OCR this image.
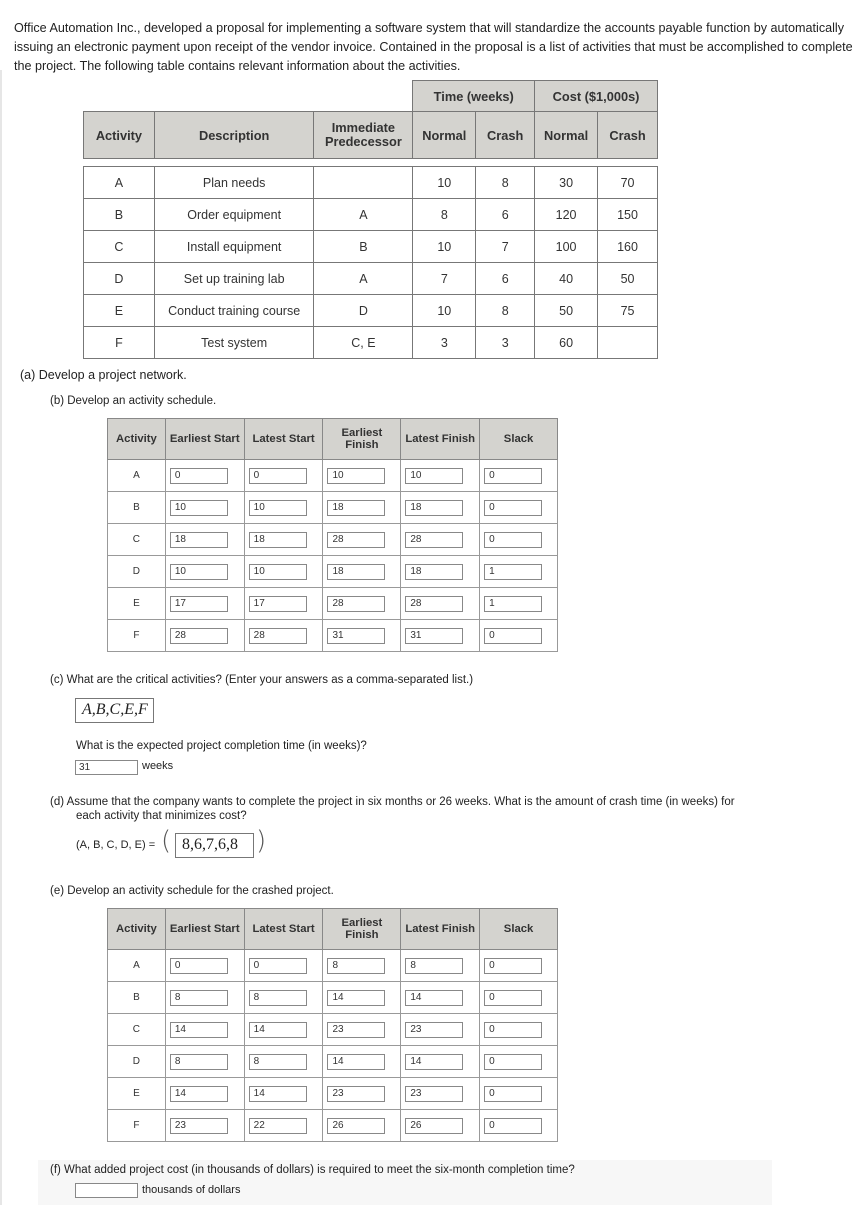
Office Automation Inc., developed a proposal for implementing a software system that will standardize the accounts payable function by automatically issuing an electronic payment upon receipt of the vendor invoice. Contained in the proposal is a list of activities that must be accomplished to complete the project. The following table contains relevant information about the activities.
			Time (weeks)		Cost ($1,000s)	
Activity	Description	Immediate Predecessor	Normal	Crash	Normal	Crash

A	Plan needs		10	8	30	70
B	Order equipment	A	8	6	120	150
C	Install equipment	B	10	7	100	160
D	Set up training lab	A	7	6	40	50
E	Conduct training course	D	10	8	50	75
F	Test system	C, E	3	3	60	
(a) Develop a project network.
(b) Develop an activity schedule.
Activity	Earliest Start	Latest Start	Earliest Finish	Latest Finish	Slack
A	0	0	10	10	0
B	10	10	18	18	0
C	18	18	28	28	0
D	10	10	18	18	1
E	17	17	28	28	1
F	28	28	31	31	0
(c) What are the critical activities? (Enter your answers as a comma-separated list.)
A,B,C,E,F
What is the expected project completion time (in weeks)?
31	weeks
(d) Assume that the company wants to complete the project in six months or 26 weeks. What is the amount of crash time (in weeks) for
each activity that minimizes cost?
(A, B, C, D, E) = ( 8,6,7,6,8 )
(e) Develop an activity schedule for the crashed project.
Activity	Earliest Start	Latest Start	Earliest Finish	Latest Finish	Slack
A	0	0	8	8	0
B	8	8	14	14	0
C	14	14	23	23	0
D	8	8	14	14	0
E	14	14	23	23	0
F	23	22	26	26	0
(f) What added project cost (in thousands of dollars) is required to meet the six-month completion time?
thousands of dollars
